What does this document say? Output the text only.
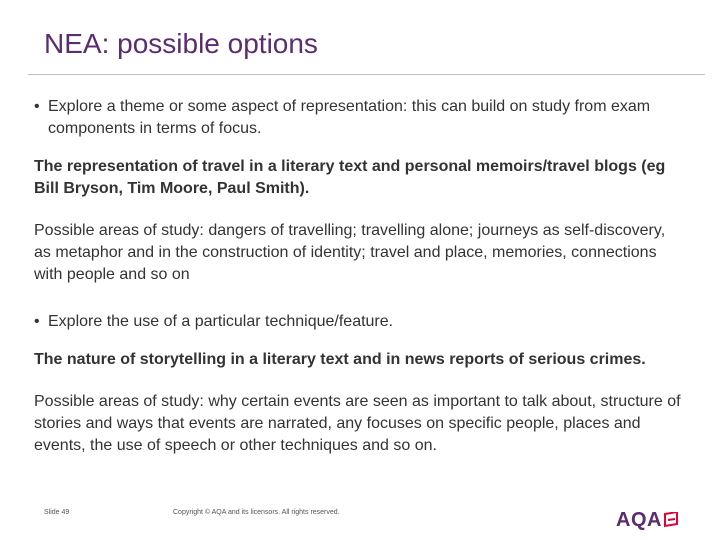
NEA: possible options
• Explore a theme or some aspect of representation: this can build on study from exam components in terms of focus.

The representation of travel in a literary text and personal memoirs/travel blogs (eg Bill Bryson, Tim Moore, Paul Smith).

Possible areas of study: dangers of travelling; travelling alone; journeys as self-discovery, as metaphor and in the construction of identity; travel and place, memories, connections with people and so on

• Explore the use of a particular technique/feature.

The nature of storytelling in a literary text and in news reports of serious crimes.

Possible areas of study: why certain events are seen as important to talk about, structure of stories and ways that events are narrated, any focuses on specific people, places and events, the use of speech or other techniques and so on.

Slide 49	Copyright © AQA and its licensors. All rights reserved.	AQA
